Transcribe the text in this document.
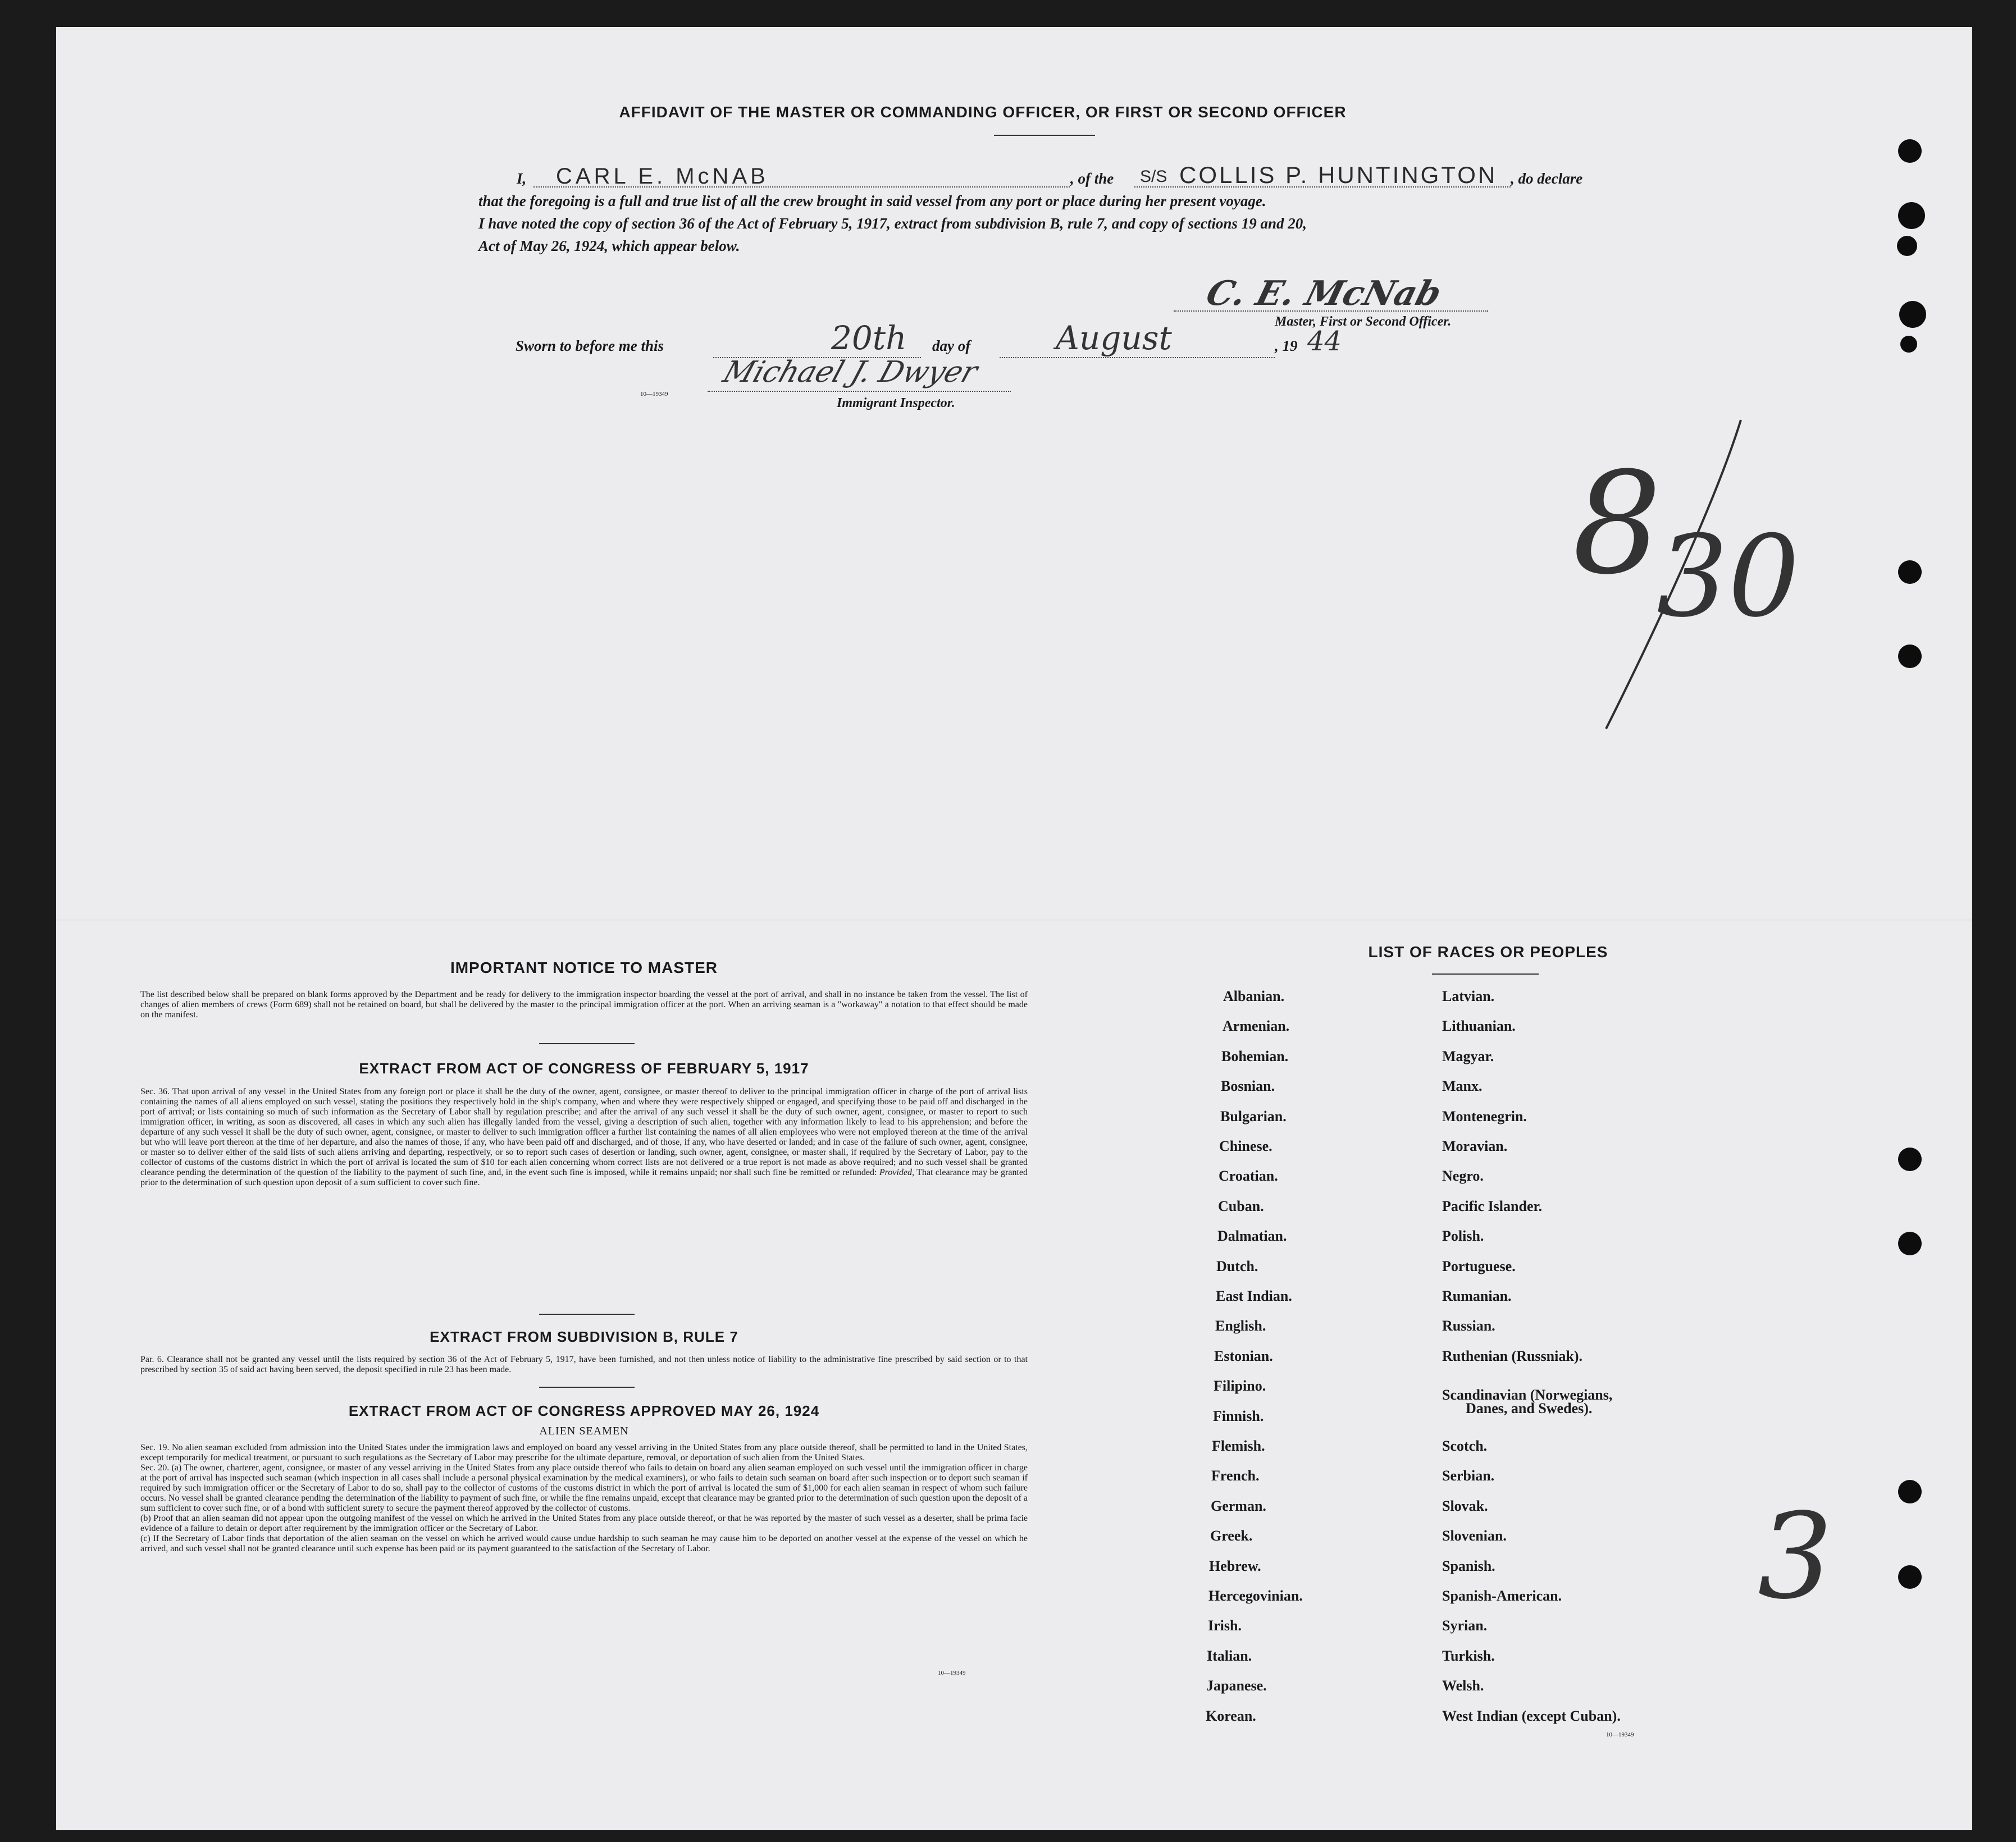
AFFIDAVIT OF THE MASTER OR COMMANDING OFFICER, OR FIRST OR SECOND OFFICER
I, CARL E. McNAB	, of the S/S COLLIS P. HUNTINGTON , do declare
that the foregoing is a full and true list of all the crew brought in said vessel from any port or place during her present voyage.
I have noted the copy of section 36 of the Act of February 5, 1917, extract from subdivision B, rule 7, and copy of sections 19 and 20,
Act of May 26, 1924, which appear below.
C. E. McNab
Master, First or Second Officer.
Sworn to before me this	20th day of	August	, 19 44
Michael J. Dwyer
10—19349
Immigrant Inspector.
8
30
3
IMPORTANT NOTICE TO MASTER
The list described below shall be prepared on blank forms approved by the Department and be ready for delivery to the immigration inspector boarding the vessel at the port of arrival, and shall in no instance be taken from the vessel. The list of changes of alien members of crews (Form 689) shall not be retained on board, but shall be delivered by the master to the principal immigration officer at the port. When an arriving seaman is a "workaway" a notation to that effect should be made on the manifest.
EXTRACT FROM ACT OF CONGRESS OF FEBRUARY 5, 1917
Sec. 36. That upon arrival of any vessel in the United States from any foreign port or place it shall be the duty of the owner, agent, consignee, or master thereof to deliver to the principal immigration officer in charge of the port of arrival lists containing the names of all aliens employed on such vessel, stating the positions they respectively hold in the ship's company, when and where they were respectively shipped or engaged, and specifying those to be paid off and discharged in the port of arrival; or lists containing so much of such information as the Secretary of Labor shall by regulation prescribe; and after the arrival of any such vessel it shall be the duty of such owner, agent, consignee, or master to report to such immigration officer, in writing, as soon as discovered, all cases in which any such alien has illegally landed from the vessel, giving a description of such alien, together with any information likely to lead to his apprehension; and before the departure of any such vessel it shall be the duty of such owner, agent, consignee, or master to deliver to such immigration officer a further list containing the names of all alien employees who were not employed thereon at the time of the arrival but who will leave port thereon at the time of her departure, and also the names of those, if any, who have been paid off and discharged, and of those, if any, who have deserted or landed; and in case of the failure of such owner, agent, consignee, or master so to deliver either of the said lists of such aliens arriving and departing, respectively, or so to report such cases of desertion or landing, such owner, agent, consignee, or master shall, if required by the Secretary of Labor, pay to the collector of customs of the customs district in which the port of arrival is located the sum of $10 for each alien concerning whom correct lists are not delivered or a true report is not made as above required; and no such vessel shall be granted clearance pending the determination of the question of the liability to the payment of such fine, and, in the event such fine is imposed, while it remains unpaid; nor shall such fine be remitted or refunded: Provided, That clearance may be granted prior to the determination of such question upon deposit of a sum sufficient to cover such fine.
EXTRACT FROM SUBDIVISION B, RULE 7
Par. 6. Clearance shall not be granted any vessel until the lists required by section 36 of the Act of February 5, 1917, have been furnished, and not then unless notice of liability to the administrative fine prescribed by said section or to that prescribed by section 35 of said act having been served, the deposit specified in rule 23 has been made.
EXTRACT FROM ACT OF CONGRESS APPROVED MAY 26, 1924
ALIEN SEAMEN
Sec. 19. No alien seaman excluded from admission into the United States under the immigration laws and employed on board any vessel arriving in the United States from any place outside thereof, shall be permitted to land in the United States, except temporarily for medical treatment, or pursuant to such regulations as the Secretary of Labor may prescribe for the ultimate departure, removal, or deportation of such alien from the United States.
Sec. 20. (a) The owner, charterer, agent, consignee, or master of any vessel arriving in the United States from any place outside thereof who fails to detain on board any alien seaman employed on such vessel until the immigration officer in charge at the port of arrival has inspected such seaman (which inspection in all cases shall include a personal physical examination by the medical examiners), or who fails to detain such seaman on board after such inspection or to deport such seaman if required by such immigration officer or the Secretary of Labor to do so, shall pay to the collector of customs of the customs district in which the port of arrival is located the sum of $1,000 for each alien seaman in respect of whom such failure occurs. No vessel shall be granted clearance pending the determination of the liability to payment of such fine, or while the fine remains unpaid, except that clearance may be granted prior to the determination of such question upon the deposit of a sum sufficient to cover such fine, or of a bond with sufficient surety to secure the payment thereof approved by the collector of customs.
(b) Proof that an alien seaman did not appear upon the outgoing manifest of the vessel on which he arrived in the United States from any place outside thereof, or that he was reported by the master of such vessel as a deserter, shall be prima facie evidence of a failure to detain or deport after requirement by the immigration officer or the Secretary of Labor.
(c) If the Secretary of Labor finds that deportation of the alien seaman on the vessel on which he arrived would cause undue hardship to such seaman he may cause him to be deported on another vessel at the expense of the vessel on which he arrived, and such vessel shall not be granted clearance until such expense has been paid or its payment guaranteed to the satisfaction of the Secretary of Labor.
10—19349
LIST OF RACES OR PEOPLES
10—19349
Albanian.
Armenian.
Bohemian.
Bosnian.
Bulgarian.
Chinese.
Croatian.
Cuban.
Dalmatian.
Dutch.
East Indian.
English.
Estonian.
Filipino.
Finnish.
Flemish.
French.
German.
Greek.
Hebrew.
Hercegovinian.
Irish.
Italian.
Japanese.
Korean.
Latvian.
Lithuanian.
Magyar.
Manx.
Montenegrin.
Moravian.
Negro.
Pacific Islander.
Polish.
Portuguese.
Rumanian.
Russian.
Ruthenian (Russniak).
Scandinavian (Norwegians,
Danes, and Swedes).
Scotch.
Serbian.
Slovak.
Slovenian.
Spanish.
Spanish-American.
Syrian.
Turkish.
Welsh.
West Indian (except Cuban).
